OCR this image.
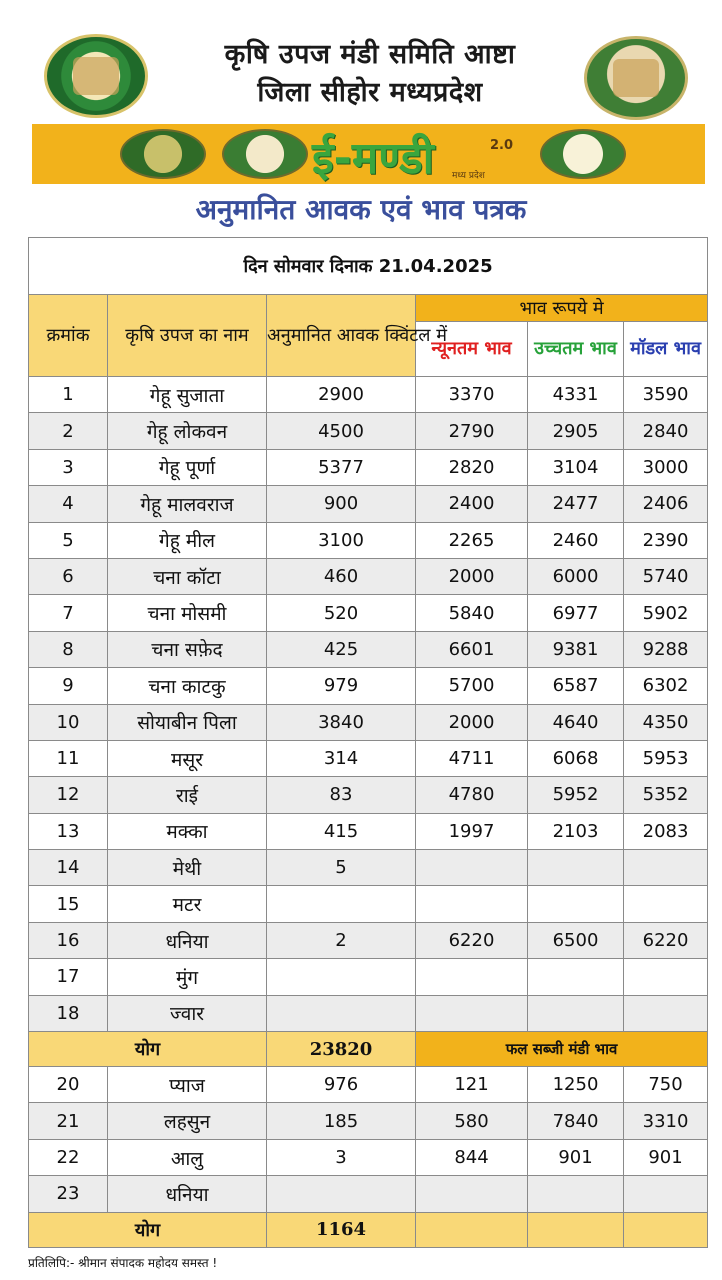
कृषि उपज मंडी समिति आष्टा
जिला सीहोर मध्यप्रदेश
ई-मण्डी	2.0
मध्य प्रदेश
अनुमानित आवक एवं भाव पत्रक
दिन सोमवार दिनाक 21.04.2025					
क्रमांक	कृषि उपज का नाम	अनुमानित आवक क्विंटल में	भाव रूपये मे		
			न्यूनतम भाव	उच्चतम भाव	मॉडल भाव
1	गेहू सुजाता	2900	3370	4331	3590
2	गेहू लोकवन	4500	2790	2905	2840
3	गेहू पूर्णा	5377	2820	3104	3000
4	गेहू मालवराज	900	2400	2477	2406
5	गेहू मील	3100	2265	2460	2390
6	चना कॉटा	460	2000	6000	5740
7	चना मोसमी	520	5840	6977	5902
8	चना सफ़ेद	425	6601	9381	9288
9	चना काटकु	979	5700	6587	6302
10	सोयाबीन पिला	3840	2000	4640	4350
11	मसूर	314	4711	6068	5953
12	राई	83	4780	5952	5352
13	मक्का	415	1997	2103	2083
14	मेथी	5			
15	मटर				
16	धनिया	2	6220	6500	6220
17	मुंग				
18	ज्वार				
योग		23820	फल सब्जी मंडी भाव		
20	प्याज	976	121	1250	750
21	लहसुन	185	580	7840	3310
22	आलु	3	844	901	901
23	धनिया				
योग		1164			
प्रतिलिपि:- श्रीमान संपादक महोदय समस्त !
